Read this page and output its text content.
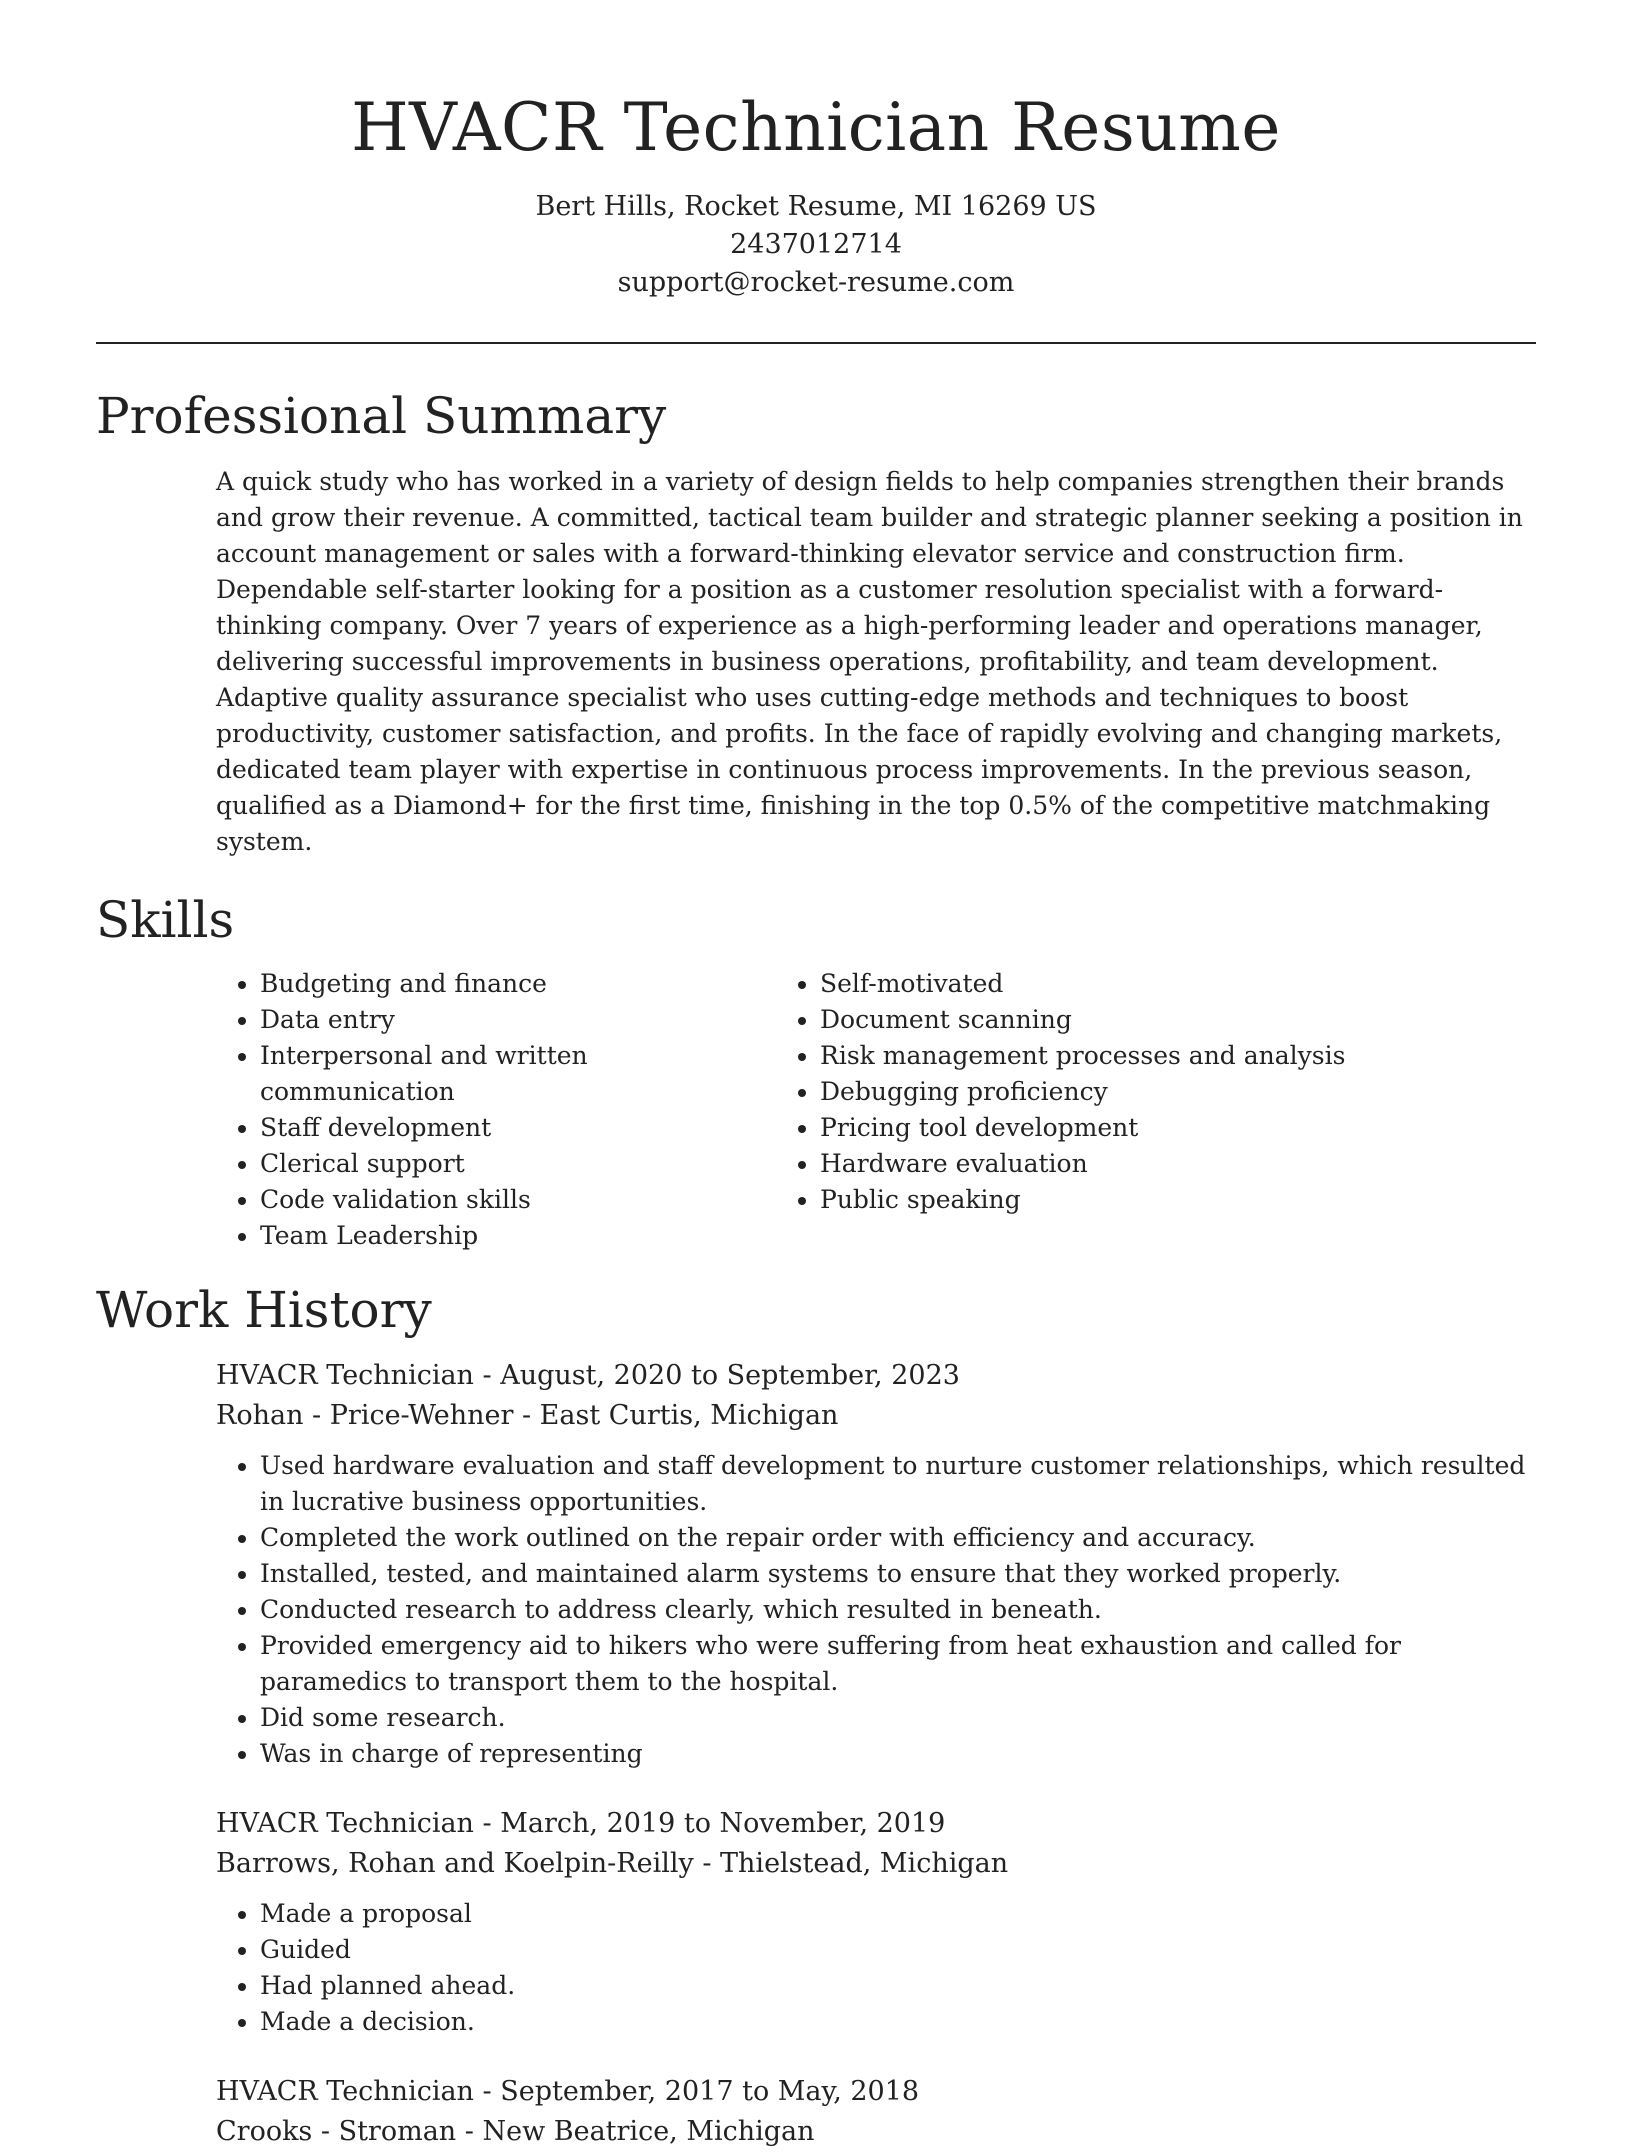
HVACR Technician Resume
Bert Hills, Rocket Resume, MI 16269 US
2437012714
support@rocket-resume.com
Professional Summary

A quick study who has worked in a variety of design fields to help companies strengthen their brands and grow their revenue. A committed, tactical team builder and strategic planner seeking a position in account management or sales with a forward-thinking elevator service and construction firm. Dependable self-starter looking for a position as a customer resolution specialist with a forward-thinking company. Over 7 years of experience as a high-performing leader and operations manager, delivering successful improvements in business operations, profitability, and team development. Adaptive quality assurance specialist who uses cutting-edge methods and techniques to boost productivity, customer satisfaction, and profits. In the face of rapidly evolving and changing markets, dedicated team player with expertise in continuous process improvements. In the previous season, qualified as a Diamond+ for the first time, finishing in the top 0.5% of the competitive matchmaking system.

Skills
• Budgeting and finance
• Data entry
• Interpersonal and written communication
• Staff development
• Clerical support
• Code validation skills
• Team Leadership
• Self-motivated
• Document scanning
• Risk management processes and analysis
• Debugging proficiency
• Pricing tool development
• Hardware evaluation
• Public speaking
Work History
HVACR Technician - August, 2020 to September, 2023
Rohan - Price-Wehner - East Curtis, Michigan
• Used hardware evaluation and staff development to nurture customer relationships, which resulted in lucrative business opportunities.
• Completed the work outlined on the repair order with efficiency and accuracy.
• Installed, tested, and maintained alarm systems to ensure that they worked properly.
• Conducted research to address clearly, which resulted in beneath.
• Provided emergency aid to hikers who were suffering from heat exhaustion and called for paramedics to transport them to the hospital.
• Did some research.
• Was in charge of representing
HVACR Technician - March, 2019 to November, 2019
Barrows, Rohan and Koelpin-Reilly - Thielstead, Michigan
• Made a proposal
• Guided
• Had planned ahead.
• Made a decision.
HVACR Technician - September, 2017 to May, 2018
Crooks - Stroman - New Beatrice, Michigan
